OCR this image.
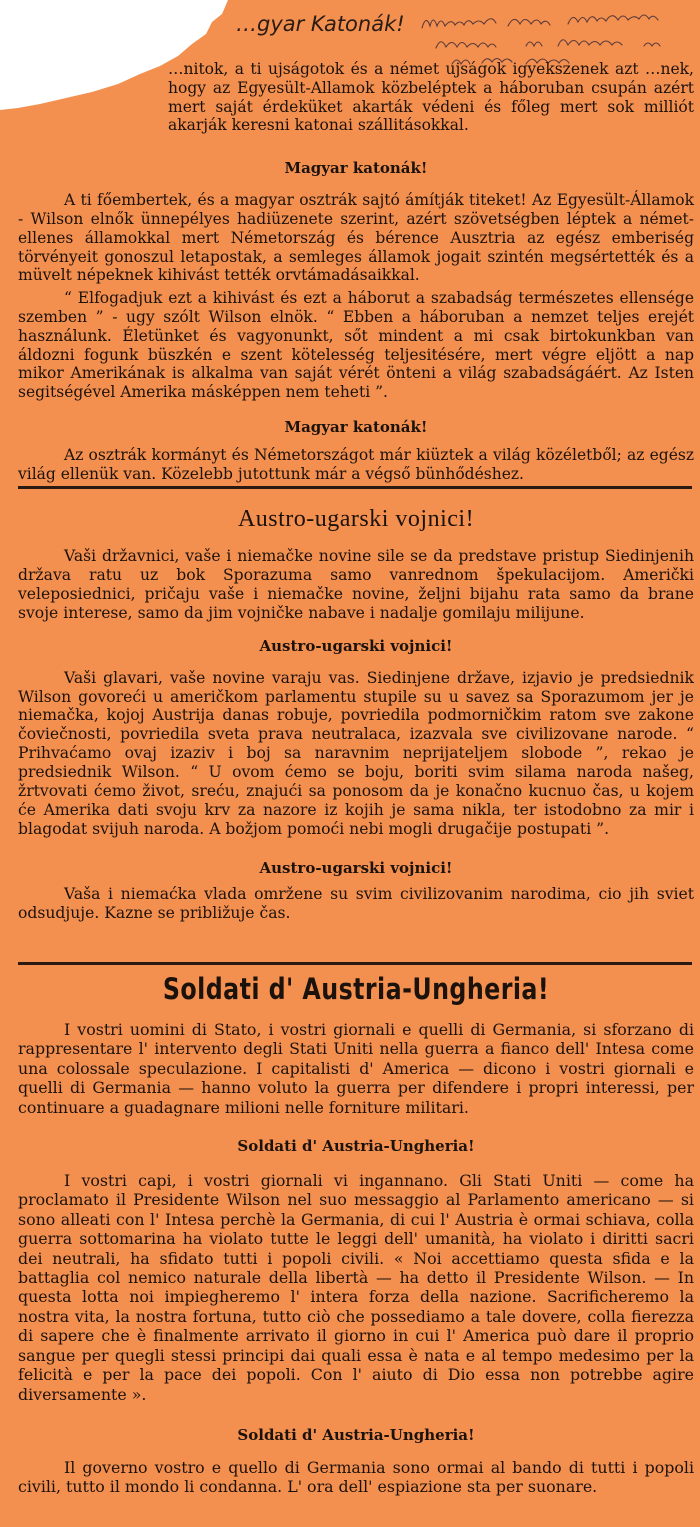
…gyar Katonák!

…nitok, a ti ujságotok és a német ujságok igyekszenek azt …nek, hogy az Egyesült-Allamok közbeléptek a háboruban csupán azért mert saját érdeküket akarták védeni és főleg mert sok milliót akarják keresni katonai szállitásokkal.

Magyar katonák!

A ti főembertek, és a magyar osztrák sajtó ámítják titeket! Az Egyesült-Államok - Wilson elnők ünnepélyes hadiüzenete szerint, azért szövetségben léptek a német-ellenes államokkal mert Németország és bérence Ausztria az egész emberiség törvényeit gonoszul letapostak, a semleges államok jogait szintén megsértették és a müvelt népeknek kihivást tették orvtámadásaikkal.

“ Elfogadjuk ezt a kihivást és ezt a háborut a szabadság természetes ellensége szemben ” - ugy szólt Wilson elnök. “ Ebben a háboruban a nemzet teljes erejét használunk. Életünket és vagyonunkt, sőt mindent a mi csak birtokunkban van áldozni fogunk büszkén e szent kötelesség teljesitésére, mert végre eljött a nap mikor Amerikának is alkalma van saját vérét önteni a világ szabadságáért. Az Isten segitségével Amerika másképpen nem teheti ”.

Magyar katonák!

Az osztrák kormányt és Németországot már kiüztek a világ közéletből; az egész világ ellenük van. Közelebb jutottunk már a végső bünhődéshez.

Austro-ugarski vojnici!

Vaši državnici, vaše i niemačke novine sile se da predstave pristup Siedinjenih država ratu uz bok Sporazuma samo vanrednom špekulacijom. Američki veleposiednici, pričaju vaše i niemačke novine, željni bijahu rata samo da brane svoje interese, samo da jim vojničke nabave i nadalje gomilaju milijune.

Austro-ugarski vojnici!

Vaši glavari, vaše novine varaju vas. Siedinjene države, izjavio je predsiednik Wilson govoreći u američkom parlamentu stupile su u savez sa Sporazumom jer je niemačka, kojoj Austrija danas robuje, povriedila podmorničkim ratom sve zakone čoviečnosti, povriedila sveta prava neutralaca, izazvala sve civilizovane narode. “ Prihvaćamo ovaj izaziv i boj sa naravnim neprijateljem slobode ”, rekao je predsiednik Wilson. “ U ovom ćemo se boju, boriti svim silama naroda našeg, žrtvovati ćemo život, sreću, znajući sa ponosom da je konačno kucnuo čas, u kojem će Amerika dati svoju krv za nazore iz kojih je sama nikla, ter istodobno za mir i blagodat svijuh naroda. A božjom pomoći nebi mogli drugačije postupati ”.

Austro-ugarski vojnici!

Vaša i niemaćka vlada omržene su svim civilizovanim narodima, cio jih sviet odsudjuje. Kazne se približuje čas.

Soldati d' Austria-Ungheria!

I vostri uomini di Stato, i vostri giornali e quelli di Germania, si sforzano di rappresentare l' intervento degli Stati Uniti nella guerra a fianco dell' Intesa come una colossale speculazione. I capitalisti d' America — dicono i vostri giornali e quelli di Germania — hanno voluto la guerra per difendere i propri interessi, per continuare a guadagnare milioni nelle forniture militari.

Soldati d' Austria-Ungheria!

I vostri capi, i vostri giornali vi ingannano. Gli Stati Uniti — come ha proclamato il Presidente Wilson nel suo messaggio al Parlamento americano — si sono alleati con l' Intesa perchè la Germania, di cui l' Austria è ormai schiava, colla guerra sottomarina ha violato tutte le leggi dell' umanità, ha violato i diritti sacri dei neutrali, ha sfidato tutti i popoli civili. « Noi accettiamo questa sfida e la battaglia col nemico naturale della libertà — ha detto il Presidente Wilson. — In questa lotta noi impiegheremo l' intera forza della nazione. Sacrificheremo la nostra vita, la nostra fortuna, tutto ciò che possediamo a tale dovere, colla fierezza di sapere che è finalmente arrivato il giorno in cui l' America può dare il proprio sangue per quegli stessi principi dai quali essa è nata e al tempo medesimo per la felicità e per la pace dei popoli. Con l' aiuto di Dio essa non potrebbe agire diversamente ».

Soldati d' Austria-Ungheria!

Il governo vostro e quello di Germania sono ormai al bando di tutti i popoli civili, tutto il mondo li condanna. L' ora dell' espiazione sta per suonare.
